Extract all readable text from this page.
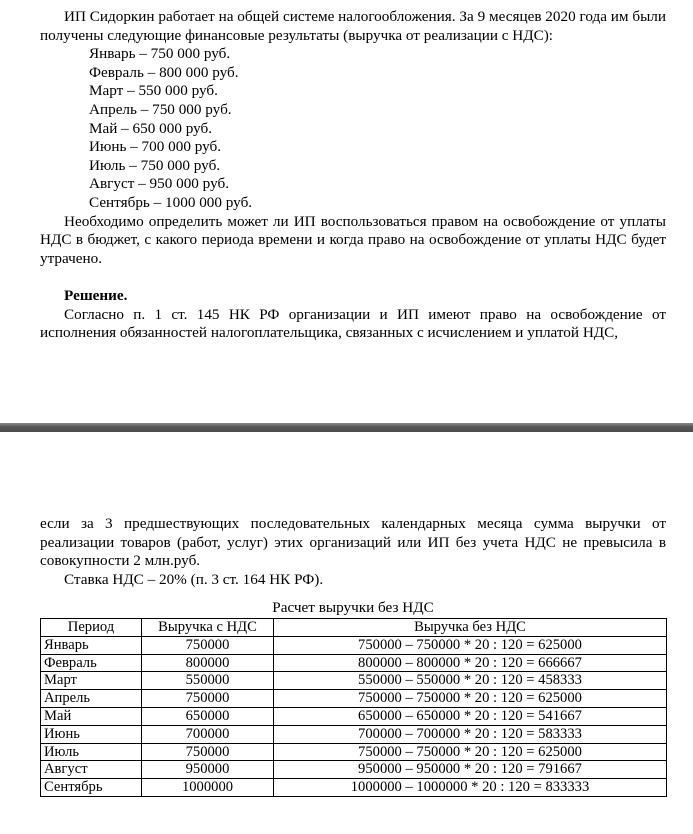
ИП Сидоркин работает на общей системе налогообложения. За 9 месяцев 2020 года им были получены следующие финансовые результаты (выручка от реализации с НДС):

Январь – 750 000 руб.
Февраль – 800 000 руб.
Март – 550 000 руб.
Апрель – 750 000 руб.
Май – 650 000 руб.
Июнь – 700 000 руб.
Июль – 750 000 руб.
Август – 950 000 руб.
Сентябрь – 1000 000 руб.

Необходимо определить может ли ИП воспользоваться правом на освобождение от уплаты НДС в бюджет, с какого периода времени и когда право на освобождение от уплаты НДС будет утрачено.

Решение.

Согласно п. 1 ст. 145 НК РФ организации и ИП имеют право на освобождение от исполнения обязанностей налогоплательщика, связанных с исчислением и уплатой НДС,

если за 3 предшествующих последовательных календарных месяца сумма выручки от реализации товаров (работ, услуг) этих организаций или ИП без учета НДС не превысила в совокупности 2 млн.руб.

Ставка НДС – 20% (п. 3 ст. 164 НК РФ).

Расчет выручки без НДС
Период	Выручка с НДС	Выручка без НДС
Январь	750000	750000 – 750000 * 20 : 120 = 625000
Февраль	800000	800000 – 800000 * 20 : 120 = 666667
Март	550000	550000 – 550000 * 20 : 120 = 458333
Апрель	750000	750000 – 750000 * 20 : 120 = 625000
Май	650000	650000 – 650000 * 20 : 120 = 541667
Июнь	700000	700000 – 700000 * 20 : 120 = 583333
Июль	750000	750000 – 750000 * 20 : 120 = 625000
Август	950000	950000 – 950000 * 20 : 120 = 791667
Сентябрь	1000000	1000000 – 1000000 * 20 : 120 = 833333
